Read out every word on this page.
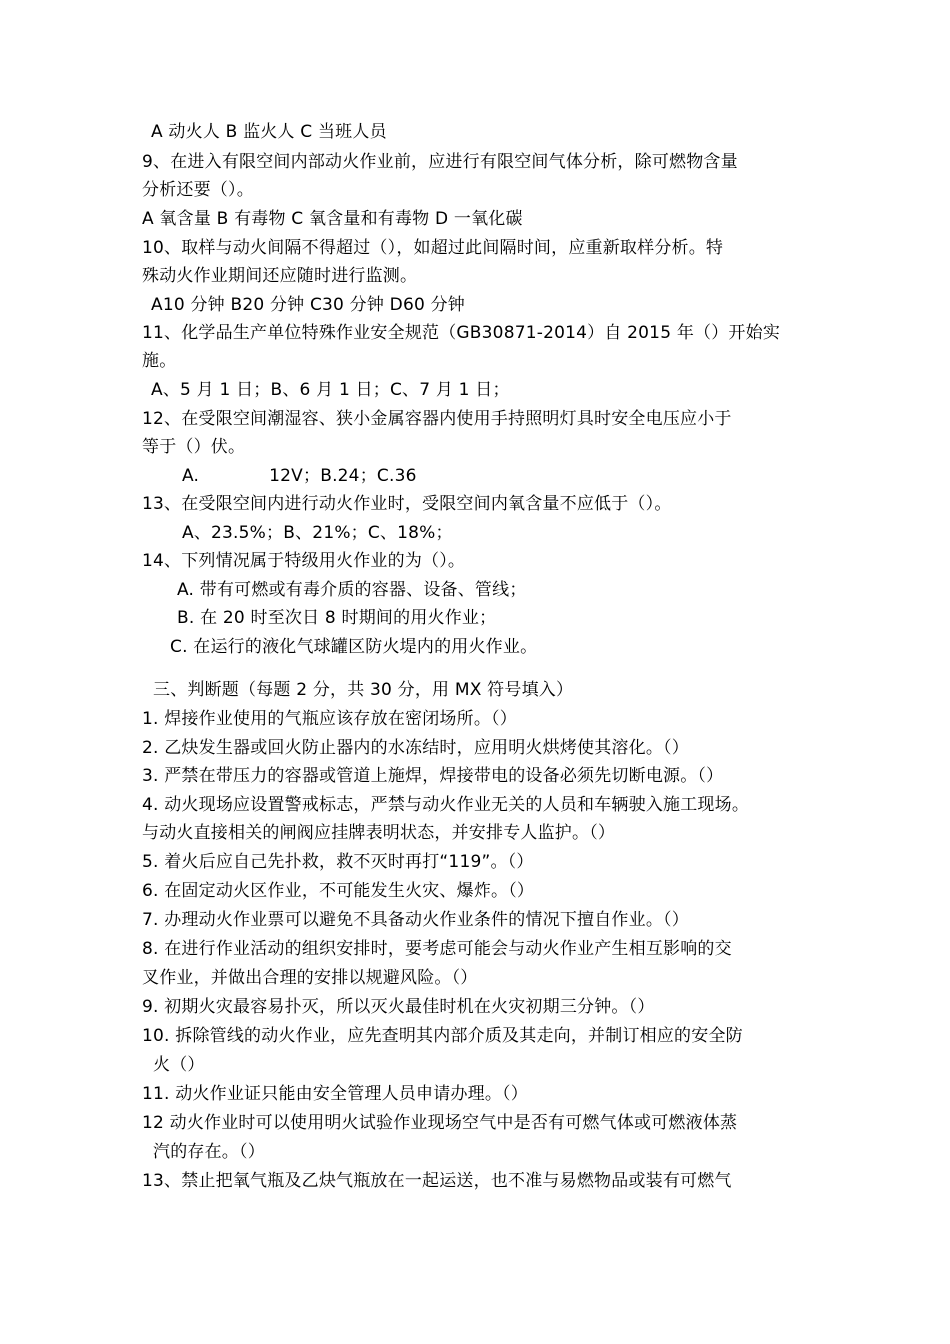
A 动火人 B 监火人 C 当班人员
9、在进入有限空间内部动火作业前，应进行有限空间气体分析，除可燃物含量
分析还要（）。
A 氧含量 B 有毒物 C 氧含量和有毒物 D 一氧化碳
10、取样与动火间隔不得超过（），如超过此间隔时间，应重新取样分析。特
殊动火作业期间还应随时进行监测。
A10 分钟 B20 分钟 C30 分钟 D60 分钟
11、化学品生产单位特殊作业安全规范（GB30871-2014）自 2015 年（）开始实
施。
A、5 月 1 日；B、6 月 1 日；C、7 月 1 日；
12、在受限空间潮湿容、狭小金属容器内使用手持照明灯具时安全电压应小于
等于（）伏。
A.	12V；B.24；C.36
13、在受限空间内进行动火作业时，受限空间内氧含量不应低于（）。
A、23.5%；B、21%；C、18%；
14、下列情况属于特级用火作业的为（）。
A. 带有可燃或有毒介质的容器、设备、管线；
B. 在 20 时至次日 8 时期间的用火作业；
C. 在运行的液化气球罐区防火堤内的用火作业。
三、判断题（每题 2 分，共 30 分，用 MX 符号填入）
1. 焊接作业使用的气瓶应该存放在密闭场所。（）
2. 乙炔发生器或回火防止器内的水冻结时，应用明火烘烤使其溶化。（）
3. 严禁在带压力的容器或管道上施焊，焊接带电的设备必须先切断电源。（）
4. 动火现场应设置警戒标志，严禁与动火作业无关的人员和车辆驶入施工现场。
与动火直接相关的闸阀应挂牌表明状态，并安排专人监护。（）
5. 着火后应自己先扑救，救不灭时再打“119”。（）
6. 在固定动火区作业，不可能发生火灾、爆炸。（）
7. 办理动火作业票可以避免不具备动火作业条件的情况下擅自作业。（）
8. 在进行作业活动的组织安排时，要考虑可能会与动火作业产生相互影响的交
叉作业，并做出合理的安排以规避风险。（）
9. 初期火灾最容易扑灭，所以灭火最佳时机在火灾初期三分钟。（）
10. 拆除管线的动火作业，应先查明其内部介质及其走向，并制订相应的安全防
火（）
11. 动火作业证只能由安全管理人员申请办理。（）
12 动火作业时可以使用明火试验作业现场空气中是否有可燃气体或可燃液体蒸
汽的存在。（）
13、禁止把氧气瓶及乙炔气瓶放在一起运送，也不准与易燃物品或装有可燃气
